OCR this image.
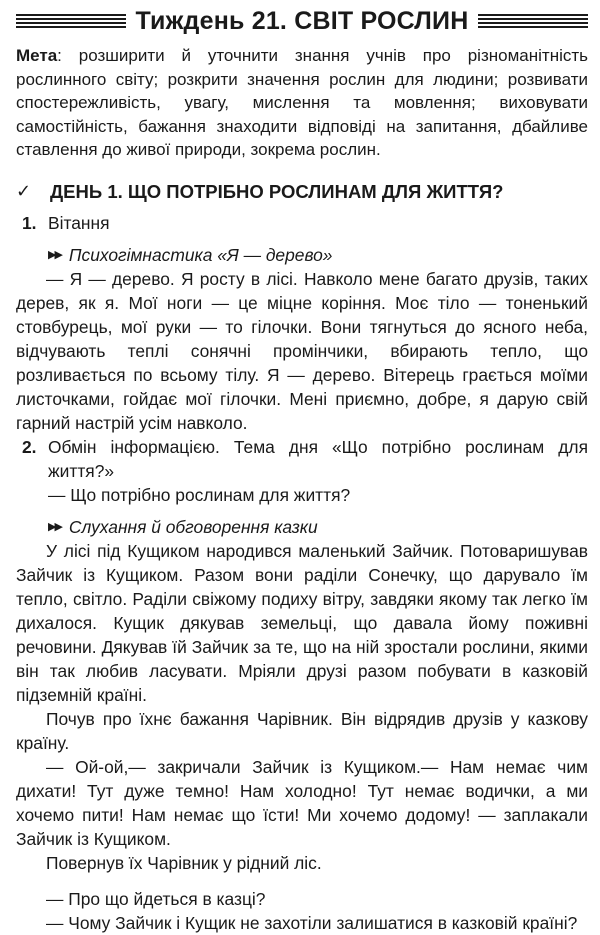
Тиждень 21. СВІТ РОСЛИН

Мета: розширити й уточнити знання учнів про різноманітність рослинного світу; розкрити значення рослин для людини; розвивати спостережливість, увагу, мислення та мовлення; виховувати самостійність, бажання знаходити відповіді на запитання, дбайливе ставлення до живої природи, зокрема рослин.

✓ ДЕНЬ 1. ЩО ПОТРІБНО РОСЛИНАМ ДЛЯ ЖИТТЯ?
1. Вітання
▶▶ Психогімнастика «Я — дерево»

— Я — дерево. Я росту в лісі. Навколо мене багато друзів, таких дерев, як я. Мої ноги — це міцне коріння. Моє тіло — тоненький стовбурець, мої руки — то гілочки. Вони тягнуться до ясного неба, відчувають теплі сонячні промінчики, вбирають тепло, що розливається по всьому тілу. Я — дерево. Вітерець грається моїми листочками, гойдає мої гілочки. Мені приємно, добре, я дарую свій гарний настрій усім навколо.

2. Обмін інформацією. Тема дня «Що потрібно рослинам для життя?»

— Що потрібно рослинам для життя?

▶▶ Слухання й обговорення казки

У лісі під Кущиком народився маленький Зайчик. Потоваришував Зайчик із Кущиком. Разом вони раділи Сонечку, що дарувало їм тепло, світло. Раділи свіжому подиху вітру, завдяки якому так легко їм дихалося. Кущик дякував земельці, що давала йому поживні речовини. Дякував їй Зайчик за те, що на ній зростали рослини, якими він так любив ласувати. Мріяли друзі разом побувати в казковій підземній країні.

Почув про їхнє бажання Чарівник. Він відрядив друзів у казкову країну.

— Ой-ой,— закричали Зайчик із Кущиком.— Нам немає чим дихати! Тут дуже темно! Нам холодно! Тут немає водички, а ми хочемо пити! Нам немає що їсти! Ми хочемо додому! — заплакали Зайчик із Кущиком.

Повернув їх Чарівник у рідний ліс.

— Про що йдеться в казці?

— Чому Зайчик і Кущик не захотіли залишатися в казковій країні?
